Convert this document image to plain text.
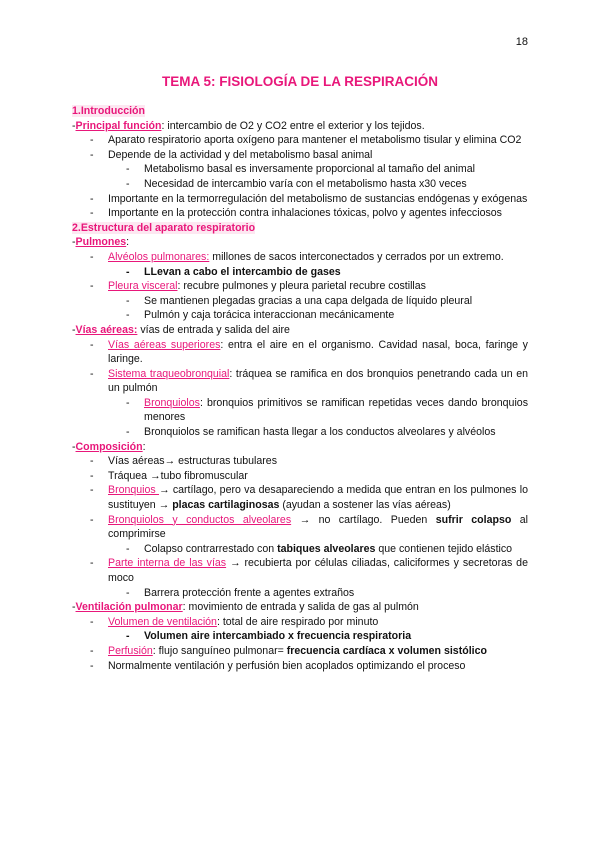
18
TEMA 5: FISIOLOGÍA DE LA RESPIRACIÓN
1.Introducción
-Principal función: intercambio de O2 y CO2 entre el exterior y los tejidos.
- Aparato respiratorio aporta oxígeno para mantener el metabolismo tisular y elimina CO2
- Depende de la actividad y del metabolismo basal animal
- Metabolismo basal es inversamente proporcional al tamaño del animal
- Necesidad de intercambio varía con el metabolismo hasta x30 veces
- Importante en la termorregulación del metabolismo de sustancias endógenas y exógenas
- Importante en la protección contra inhalaciones tóxicas, polvo y agentes infecciosos
2.Estructura del aparato respiratorio
-Pulmones:
- Alvéolos pulmonares: millones de sacos interconectados y cerrados por un extremo.
- LLevan a cabo el intercambio de gases
- Pleura visceral: recubre pulmones y pleura parietal recubre costillas
- Se mantienen plegadas gracias a una capa delgada de líquido pleural
- Pulmón y caja torácica interaccionan mecánicamente
-Vías aéreas: vías de entrada y salida del aire
- Vías aéreas superiores: entra el aire en el organismo. Cavidad nasal, boca, faringe y laringe.
- Sistema traqueobronquial: tráquea se ramifica en dos bronquios penetrando cada un en un pulmón
- Bronquiolos: bronquios primitivos se ramifican repetidas veces dando bronquios menores
- Bronquiolos se ramifican hasta llegar a los conductos alveolares y alvéolos
-Composición:
- Vías aéreas→ estructuras tubulares
- Tráquea →tubo fibromuscular
- Bronquios → cartílago, pero va desapareciendo a medida que entran en los pulmones lo sustituyen → placas cartilaginosas (ayudan a sostener las vías aéreas)
- Bronquiolos y conductos alveolares → no cartílago. Pueden sufrir colapso al comprimirse
- Colapso contrarrestado con tabiques alveolares que contienen tejido elástico
- Parte interna de las vías → recubierta por células ciliadas, caliciformes y secretoras de moco
- Barrera protección frente a agentes extraños
-Ventilación pulmonar: movimiento de entrada y salida de gas al pulmón
- Volumen de ventilación: total de aire respirado por minuto
- Volumen aire intercambiado x frecuencia respiratoria
- Perfusión: flujo sanguíneo pulmonar= frecuencia cardíaca x volumen sistólico
- Normalmente ventilación y perfusión bien acoplados optimizando el proceso
